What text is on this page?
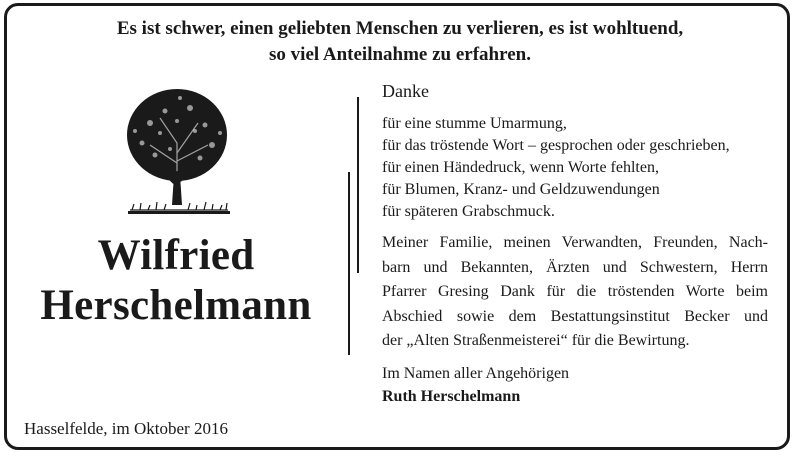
Es ist schwer, einen geliebten Menschen zu verlieren, es ist wohltuend,
so viel Anteilnahme zu erfahren.
Wilfried
Herschelmann
Hasselfelde, im Oktober 2016
Danke
für eine stumme Umarmung,
für das tröstende Wort – gesprochen oder geschrieben,
für einen Händedruck, wenn Worte fehlten,
für Blumen, Kranz- und Geldzuwendungen
für späteren Grabschmuck.
Meiner Familie, meinen Verwandten, Freunden, Nach-
barn und Bekannten, Ärzten und Schwestern, Herrn
Pfarrer Gresing Dank für die tröstenden Worte beim
Abschied sowie dem Bestattungsinstitut Becker und
der „Alten Straßenmeisterei“ für die Bewirtung.
Im Namen aller Angehörigen
Ruth Herschelmann
